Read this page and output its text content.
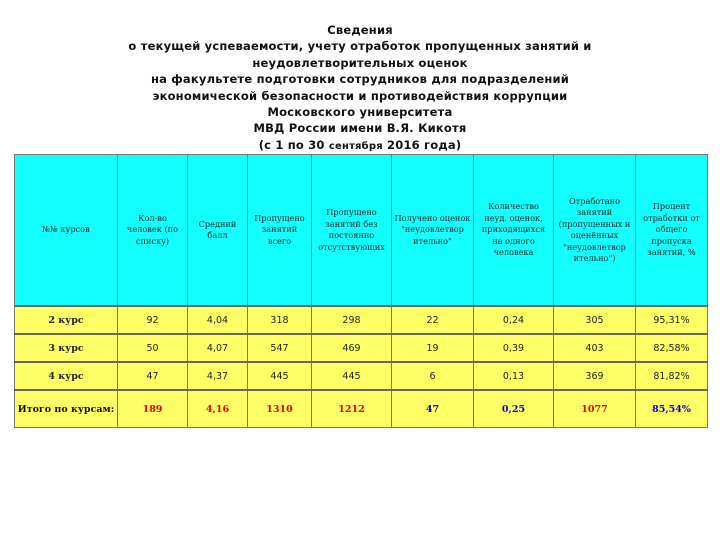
Сведения
о текущей успеваемости, учету отработок пропущенных занятий и
неудовлетворительных оценок
на факультете подготовки сотрудников для подразделений
экономической безопасности и противодействия коррупции
Московского университета
МВД России имени В.Я. Кикотя
(с 1 по 30 сентября 2016 года)
№№ курсов	Кол-во человек (по списку)	Средний балл	Пропущено занятий всего	Пропущено занятий без постоянно отсутствующих	Получено оценок "неудовлетвор ительно"	Количество неуд. оценок, приходящихся на одного человека	Отработано занятий (пропущенных и оценённых "неудовлетвор ительно")	Процент отработки от общего пропуска занятий, %
2 курс	92	4,04	318	298	22	0,24	305	95,31%
3 курс	50	4,07	547	469	19	0,39	403	82,58%
4 курс	47	4,37	445	445	6	0,13	369	81,82%
Итого по курсам:	189	4,16	1310	1212	47	0,25	1077	85,54%
